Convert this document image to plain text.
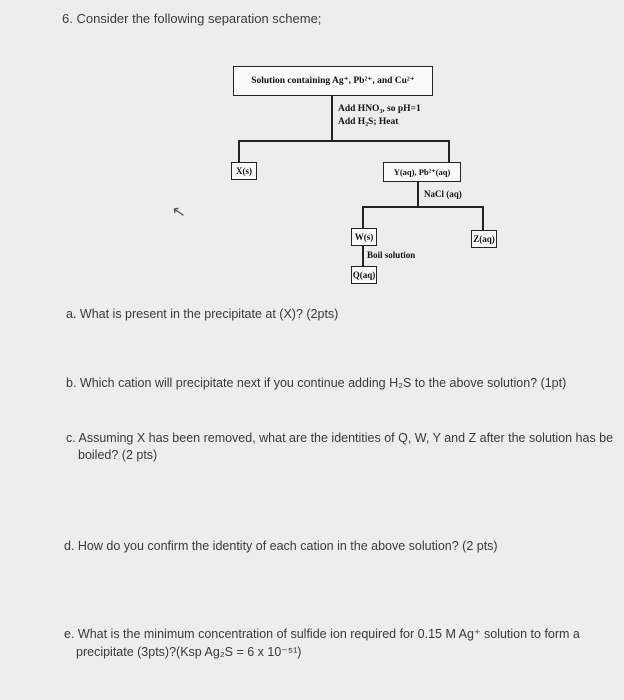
6. Consider the following separation scheme;
Solution containing Ag⁺, Pb²⁺, and Cu²⁺
Add HNO₃, so pH=1
Add H₂S; Heat
X(s)	Y(aq), Pb²⁺(aq)
NaCl (aq)
W(s)	Z(aq)
Boil solution
Q(aq)
↖
a. What is present in the precipitate at (X)? (2pts)
b. Which cation will precipitate next if you continue adding H₂S to the above solution? (1pt)
c. Assuming X has been removed, what are the identities of Q, W, Y and Z after the solution has be
boiled? (2 pts)
d. How do you confirm the identity of each cation in the above solution? (2 pts)
e. What is the minimum concentration of sulfide ion required for 0.15 M Ag⁺ solution to form a
precipitate (3pts)?(Ksp Ag₂S = 6 x 10⁻⁵¹)
